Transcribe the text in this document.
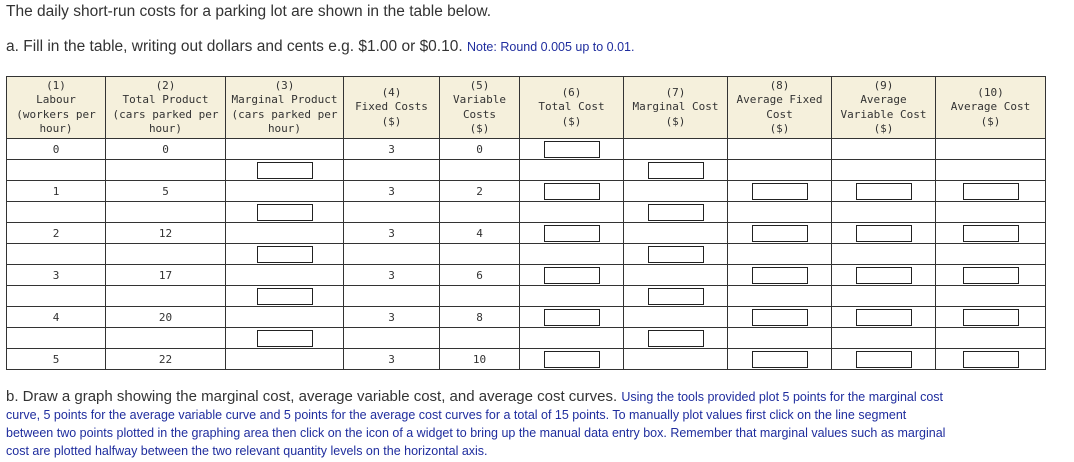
The daily short-run costs for a parking lot are shown in the table below.
a. Fill in the table, writing out dollars and cents e.g. $1.00 or $0.10. Note: Round 0.005 up to 0.01.
(1)
Labour
(workers per
hour)	(2)
Total Product
(cars parked per
hour)	(3)
Marginal Product
(cars parked per
hour)	(4)
Fixed Costs
($)	(5)
Variable
Costs
($)	(6)
Total Cost
($)	(7)
Marginal Cost
($)	(8)
Average Fixed
Cost
($)	(9)
Average
Variable Cost
($)	(10)
Average Cost
($)
0	0		3	0					

1	5		3	2					

2	12		3	4					

3	17		3	6					

4	20		3	8					

5	22		3	10					
b. Draw a graph showing the marginal cost, average variable cost, and average cost curves. Using the tools provided plot 5 points for the marginal cost curve, 5 points for the average variable curve and 5 points for the average cost curves for a total of 15 points. To manually plot values first click on the line segment between two points plotted in the graphing area then click on the icon of a widget to bring up the manual data entry box. Remember that marginal values such as marginal cost are plotted halfway between the two relevant quantity levels on the horizontal axis.
